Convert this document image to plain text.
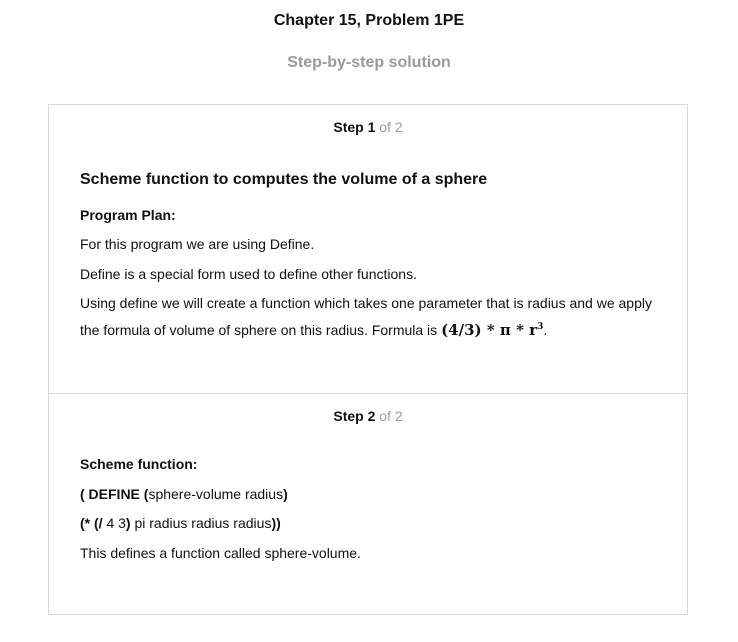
Chapter 15, Problem 1PE
Step-by-step solution
Step 1 of 2
Scheme function to computes the volume of a sphere
Program Plan:
For this program we are using Define.
Define is a special form used to define other functions.
Using define we will create a function which takes one parameter that is radius and we apply the formula of volume of sphere on this radius. Formula is (4/3) * π * $r^3$.
Step 2 of 2
Scheme function:
( DEFINE (sphere-volume radius)
(* (/ 4 3) pi radius radius radius))
This defines a function called sphere-volume.
